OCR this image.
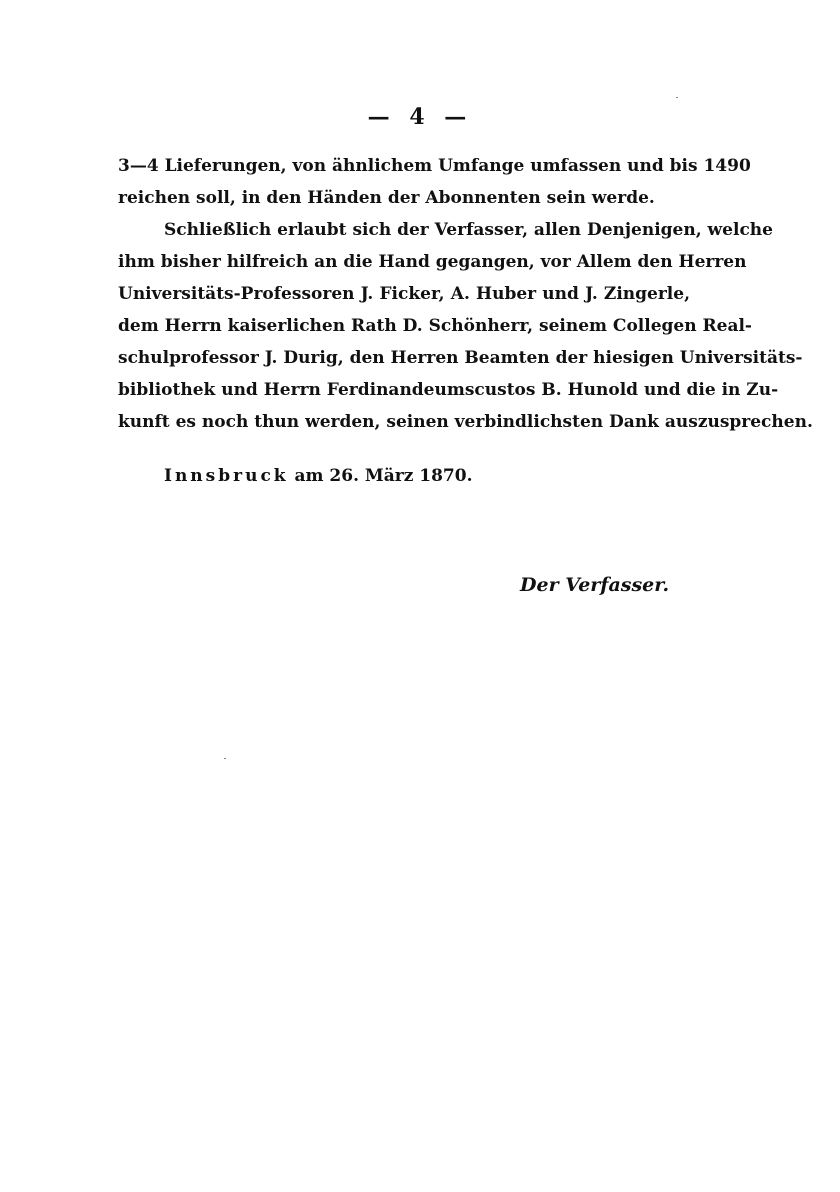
— 4 —
3—4 Lieferungen, von ähnlichem Umfange umfassen und bis 1490
reichen soll, in den Händen der Abonnenten sein werde.
Schließlich erlaubt sich der Verfasser, allen Denjenigen, welche
ihm bisher hilfreich an die Hand gegangen, vor Allem den Herren
Universitäts-Professoren J. Ficker, A. Huber und J. Zingerle,
dem Herrn kaiserlichen Rath D. Schönherr, seinem Collegen Real-
schulprofessor J. Durig, den Herren Beamten der hiesigen Universitäts-
bibliothek und Herrn Ferdinandeumscustos B. Hunold und die in Zu-
kunft es noch thun werden, seinen verbindlichsten Dank auszusprechen.
Innsbruck am 26. März 1870.
Der Verfasser.
